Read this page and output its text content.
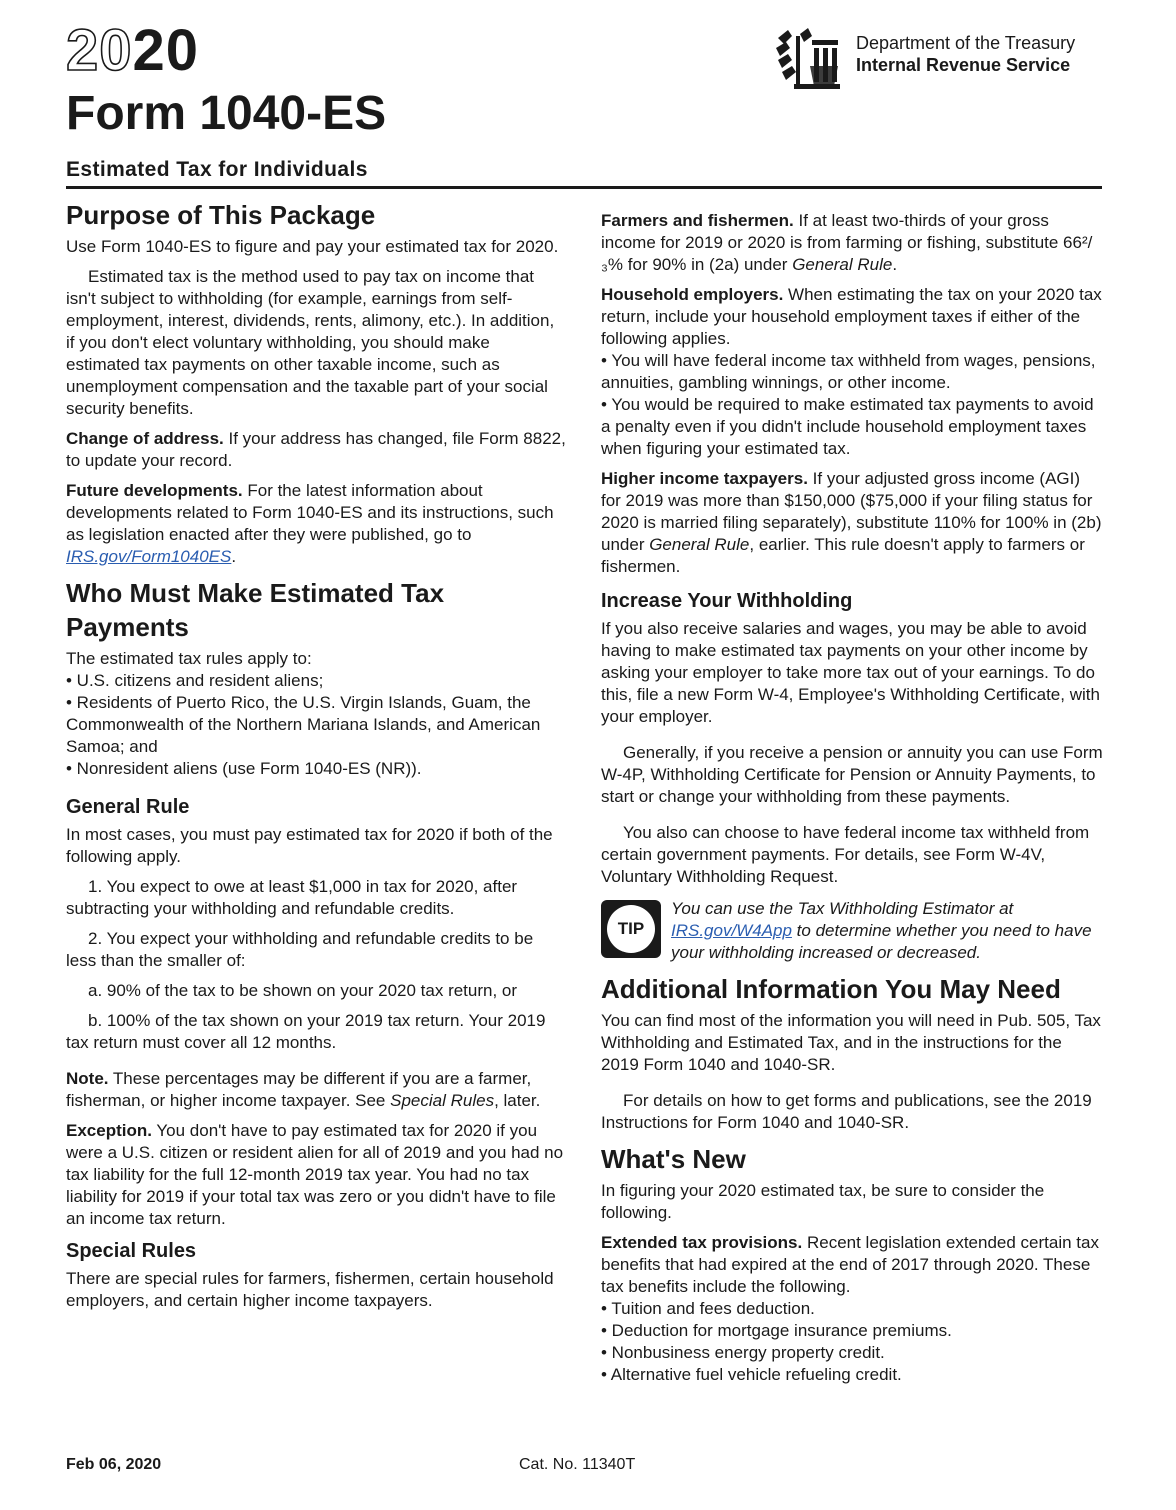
2020
Form 1040-ES
Estimated Tax for Individuals
Department of the Treasury
Internal Revenue Service
Purpose of This Package

Use Form 1040-ES to figure and pay your estimated tax for 2020.

Estimated tax is the method used to pay tax on income that isn't subject to withholding (for example, earnings from self-employment, interest, dividends, rents, alimony, etc.). In addition, if you don't elect voluntary withholding, you should make estimated tax payments on other taxable income, such as unemployment compensation and the taxable part of your social security benefits.

Change of address. If your address has changed, file Form 8822, to update your record.

Future developments. For the latest information about developments related to Form 1040-ES and its instructions, such as legislation enacted after they were published, go to IRS.gov/Form1040ES.

Who Must Make Estimated Tax Payments

The estimated tax rules apply to:

• U.S. citizens and resident aliens;
• Residents of Puerto Rico, the U.S. Virgin Islands, Guam, the Commonwealth of the Northern Mariana Islands, and American Samoa; and
• Nonresident aliens (use Form 1040-ES (NR)).
General Rule

In most cases, you must pay estimated tax for 2020 if both of the following apply.

1. You expect to owe at least $1,000 in tax for 2020, after subtracting your withholding and refundable credits.

2. You expect your withholding and refundable credits to be less than the smaller of:

a. 90% of the tax to be shown on your 2020 tax return, or

b. 100% of the tax shown on your 2019 tax return. Your 2019 tax return must cover all 12 months.

Note. These percentages may be different if you are a farmer, fisherman, or higher income taxpayer. See Special Rules, later.

Exception. You don't have to pay estimated tax for 2020 if you were a U.S. citizen or resident alien for all of 2019 and you had no tax liability for the full 12-month 2019 tax year. You had no tax liability for 2019 if your total tax was zero or you didn't have to file an income tax return.

Special Rules

There are special rules for farmers, fishermen, certain household employers, and certain higher income taxpayers.

Farmers and fishermen. If at least two-thirds of your gross income for 2019 or 2020 is from farming or fishing, substitute 66²/₃% for 90% in (2a) under General Rule.

Household employers. When estimating the tax on your 2020 tax return, include your household employment taxes if either of the following applies.

• You will have federal income tax withheld from wages, pensions, annuities, gambling winnings, or other income.

• You would be required to make estimated tax payments to avoid a penalty even if you didn't include household employment taxes when figuring your estimated tax.

Higher income taxpayers. If your adjusted gross income (AGI) for 2019 was more than $150,000 ($75,000 if your filing status for 2020 is married filing separately), substitute 110% for 100% in (2b) under General Rule, earlier. This rule doesn't apply to farmers or fishermen.

Increase Your Withholding

If you also receive salaries and wages, you may be able to avoid having to make estimated tax payments on your other income by asking your employer to take more tax out of your earnings. To do this, file a new Form W-4, Employee's Withholding Certificate, with your employer.

Generally, if you receive a pension or annuity you can use Form W-4P, Withholding Certificate for Pension or Annuity Payments, to start or change your withholding from these payments.

You also can choose to have federal income tax withheld from certain government payments. For details, see Form W-4V, Voluntary Withholding Request.

TIP
You can use the Tax Withholding Estimator at IRS.gov/W4App to determine whether you need to have your withholding increased or decreased.
Additional Information You May Need

You can find most of the information you will need in Pub. 505, Tax Withholding and Estimated Tax, and in the instructions for the 2019 Form 1040 and 1040-SR.

For details on how to get forms and publications, see the 2019 Instructions for Form 1040 and 1040-SR.

What's New

In figuring your 2020 estimated tax, be sure to consider the following.

Extended tax provisions. Recent legislation extended certain tax benefits that had expired at the end of 2017 through 2020. These tax benefits include the following.

• Tuition and fees deduction.
• Deduction for mortgage insurance premiums.
• Nonbusiness energy property credit.
• Alternative fuel vehicle refueling credit.
Feb 06, 2020	Cat. No. 11340T
